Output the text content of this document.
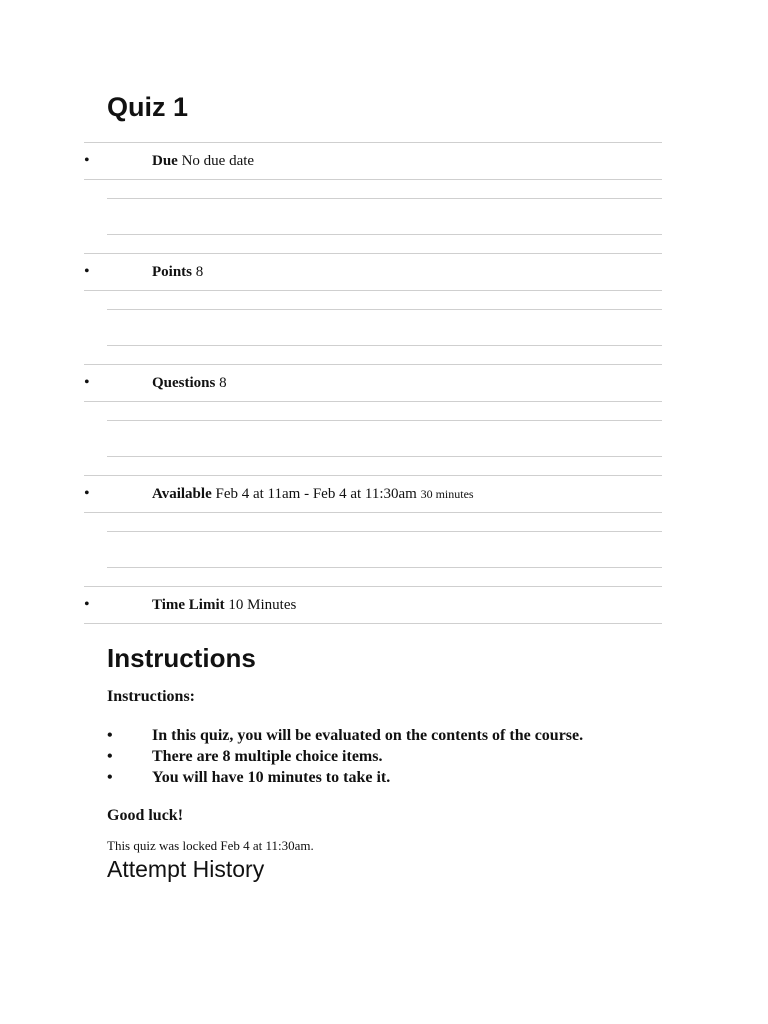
Quiz 1
•	Due No due date
•	Points 8
•	Questions 8
•	Available Feb 4 at 11am - Feb 4 at 11:30am 30 minutes
•	Time Limit 10 Minutes
Instructions
Instructions:
• In this quiz, you will be evaluated on the contents of the course.
• There are 8 multiple choice items.
• You will have 10 minutes to take it.
Good luck!
This quiz was locked Feb 4 at 11:30am.
Attempt History
